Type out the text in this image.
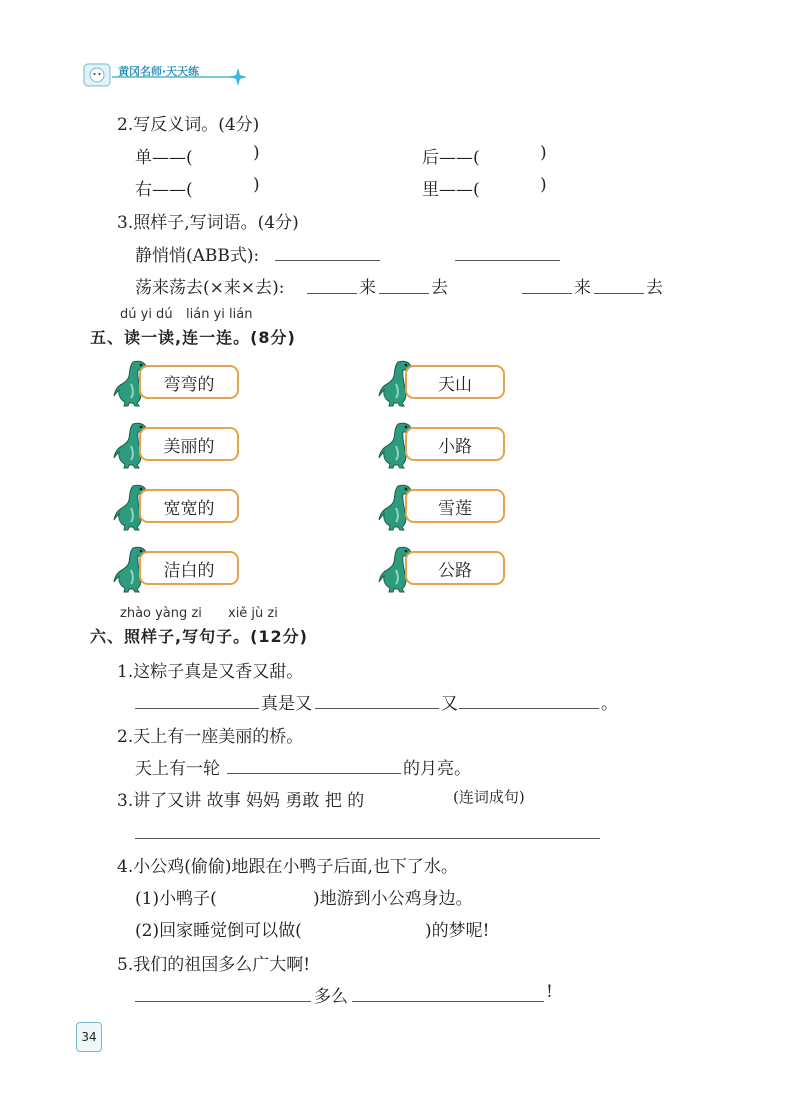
黄冈名师·天天练
2.写反义词。(4分)
单——(	)	后——(	)
右——(	)	里——(	)
3.照样子,写词语。(4分)
静悄悄(ABB式):
荡来荡去(×来×去):	来	去	来	去
dú yi dú lián yi lián
五、读一读,连一连。(8分)
弯弯的	天山
美丽的	小路
宽宽的	雪莲
洁白的	公路
zhào yàng zi xiě jù zi
六、照样子,写句子。(12分)
1.这粽子真是又香又甜。
真是又	又	。
2.天上有一座美丽的桥。
天上有一轮	的月亮。
3.讲了又讲 故事 妈妈 勇敢 把 的	(连词成句)
4.小公鸡(偷偷)地跟在小鸭子后面,也下了水。
(1)小鸭子(	)地游到小公鸡身边。
(2)回家睡觉倒可以做(	)的梦呢!
5.我们的祖国多么广大啊!
多么	!
34
